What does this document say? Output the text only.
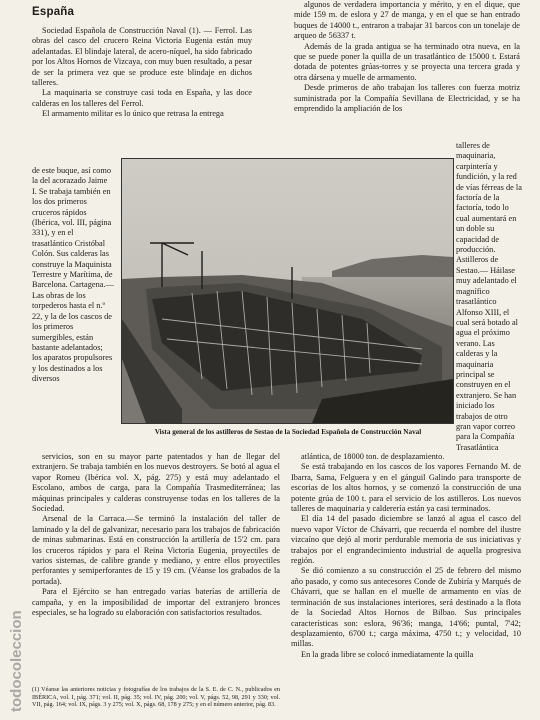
España

Sociedad Española de Construcción Naval (1). — Ferrol. Las obras del casco del crucero Reina Victoria Eugenia están muy adelantadas. El blindaje lateral, de acero-níquel, ha sido fabricado por los Altos Hornos de Vizcaya, con muy buen resultado, a pesar de ser la primera vez que se produce este blindaje en dichos talleres.

La maquinaria se construye casi toda en España, y las doce calderas en los talleres del Ferrol.

El armamento militar es lo único que retrasa la entrega

de este buque, así como la del acorazado Jaime I. Se trabaja también en los dos primeros cruceros rápidos (Ibérica, vol. III, página 331), y en el trasatlántico Cristóbal Colón. Sus calderas las construye la Maquinista Terrestre y Marítima, de Barcelona. Cartagena.— Las obras de los torpederos hasta el n.º 22, y la de los cascos de los primeros sumergibles, están bastante adelantados; los aparatos propulsores y los destinados a los diversos

algunos de verdadera importancia y mérito, y en el dique, que mide 159 m. de eslora y 27 de manga, y en el que se han entrado buques de 14000 t., entraron a trabajar 31 barcos con un tonelaje de arqueo de 56337 t.

Además de la grada antigua se ha terminado otra nueva, en la que se puede poner la quilla de un trasatlántico de 15000 t. Estará dotada de potentes grúas-torres y se proyecta una tercera grada y otra dársena y muelle de armamento.

Desde primeros de año trabajan los talleres con fuerza motriz suministrada por la Compañía Sevillana de Electricidad, y se ha emprendido la ampliación de los

talleres de maquinaria, carpintería y fundición, y la red de vías férreas de la factoría de la factoría, todo lo cual aumentará en un doble su capacidad de producción. Astilleros de Sestao.— Háilase muy adelantado el magnífico trasatlántico Alfonso XIII, el cual será botado al agua el próximo verano. Las calderas y la maquinaria principal se construyen en el extranjero. Se han iniciado los trabajos de otro gran vapor correo para la Compañía Trasatlántica

Vista general de los astilleros de Sestao de la Sociedad Española de Construcción Naval

servicios, son en su mayor parte patentados y han de llegar del extranjero. Se trabaja también en los nuevos destroyers. Se botó al agua el vapor Romeu (Ibérica vol. X, pág. 275) y está muy adelantado el Escolano, ambos de carga, para la Compañía Trasmediterránea; las máquinas principales y calderas construyense todas en los talleres de la Sociedad.

Arsenal de la Carraca.—Se terminó la instalación del taller de laminado y la del de galvanizar, necesario para los trabajos de fabricación de minas submarinas. Está en construcción la artillería de 15'2 cm. para los cruceros rápidos y para el Reina Victoria Eugenia, proyectiles de varios sistemas, de calibre grande y mediano, y entre ellos proyectiles perforantes y semiperforantes de 15 y 19 cm. (Véanse los grabados de la portada).

Para el Ejército se han entregado varias baterías de artillería de campaña, y en la imposibilidad de importar del extranjero bronces especiales, se ha logrado su elaboración con satisfactorios resultados.

(1) Véanse las anteriores noticias y fotografías de los trabajos de la S. E. de C. N., publicados en IBÉRICA, vol. I, pág. 371; vol. II, pág. 35; vol. IV, pág. 200; vol. V, págs. 52, 98, 291 y 330; vol. VII, pág. 164; vol. IX, págs. 3 y 275; vol. X, págs. 68, 178 y 275; y en el número anterior, pág. 83.

atlántica, de 18000 ton. de desplazamiento.

Se está trabajando en los cascos de los vapores Fernando M. de Ibarra, Sama, Felguera y en el gánguil Galindo para transporte de escorias de los altos hornos, y se comenzó la construcción de una potente grúa de 100 t. para el servicio de los astilleros. Los nuevos talleres de maquinaria y calderería están ya casi terminados.

El día 14 del pasado diciembre se lanzó al agua el casco del nuevo vapor Víctor de Chávarri, que recuerda el nombre del ilustre vizcaíno que dejó al morir perdurable memoria de sus iniciativas y trabajos por el engrandecimiento industrial de aquella progresiva región.

Se dió comienzo a su construcción el 25 de febrero del mismo año pasado, y como sus antecesores Conde de Zubiría y Marqués de Chávarri, que se hallan en el muelle de armamento en vías de terminación de sus instalaciones interiores, será destinado a la flota de la Sociedad Altos Hornos de Bilbao. Sus principales características son: eslora, 96'36; manga, 14'66; puntal, 7'42; desplazamiento, 6700 t.; carga máxima, 4750 t.; y velocidad, 10 millas.

En la grada libre se colocó inmediatamente la quilla

todocoleccion
